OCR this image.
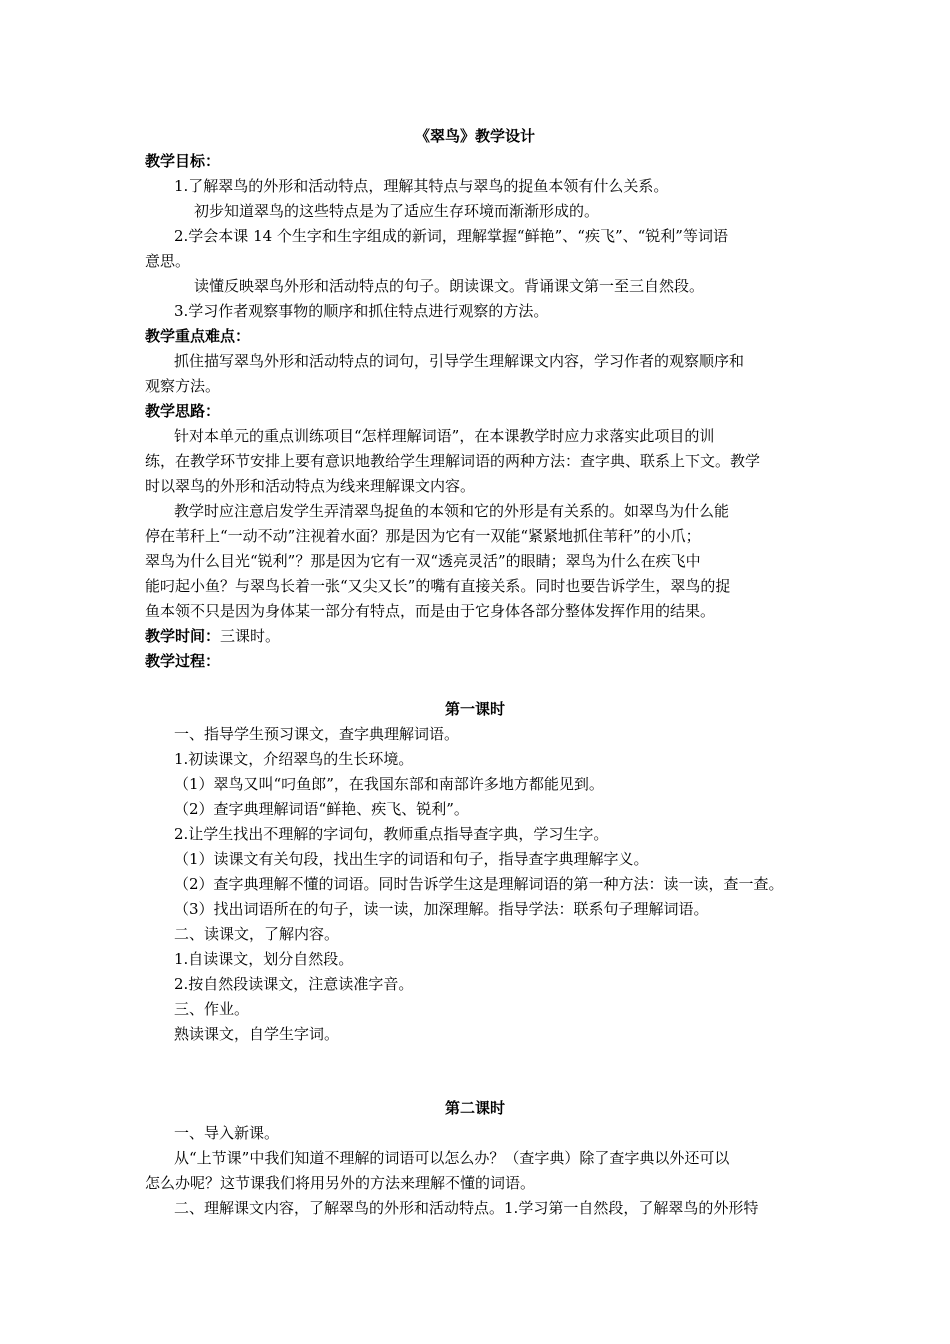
《翠鸟》教学设计
教学目标：
1.了解翠鸟的外形和活动特点，理解其特点与翠鸟的捉鱼本领有什么关系。
初步知道翠鸟的这些特点是为了适应生存环境而渐渐形成的。
2.学会本课 14 个生字和生字组成的新词，理解掌握“鲜艳”、“疾飞”、“锐利”等词语
意思。
读懂反映翠鸟外形和活动特点的句子。朗读课文。背诵课文第一至三自然段。
3.学习作者观察事物的顺序和抓住特点进行观察的方法。
教学重点难点：
抓住描写翠鸟外形和活动特点的词句，引导学生理解课文内容，学习作者的观察顺序和
观察方法。
教学思路：
针对本单元的重点训练项目“怎样理解词语”，在本课教学时应力求落实此项目的训
练，在教学环节安排上要有意识地教给学生理解词语的两种方法：查字典、联系上下文。教学
时以翠鸟的外形和活动特点为线来理解课文内容。
教学时应注意启发学生弄清翠鸟捉鱼的本领和它的外形是有关系的。如翠鸟为什么能
停在苇秆上“一动不动”注视着水面？那是因为它有一双能“紧紧地抓住苇秆”的小爪；
翠鸟为什么目光“锐利”？那是因为它有一双“透亮灵活”的眼睛；翠鸟为什么在疾飞中
能叼起小鱼？与翠鸟长着一张“又尖又长”的嘴有直接关系。同时也要告诉学生，翠鸟的捉
鱼本领不只是因为身体某一部分有特点，而是由于它身体各部分整体发挥作用的结果。
教学时间：三课时。
教学过程：
第一课时
一、指导学生预习课文，查字典理解词语。
1.初读课文，介绍翠鸟的生长环境。
（1）翠鸟又叫“叼鱼郎”，在我国东部和南部许多地方都能见到。
（2）查字典理解词语“鲜艳、疾飞、锐利”。
2.让学生找出不理解的字词句，教师重点指导查字典，学习生字。
（1）读课文有关句段，找出生字的词语和句子，指导查字典理解字义。
（2）查字典理解不懂的词语。同时告诉学生这是理解词语的第一种方法：读一读，查一查。
（3）找出词语所在的句子，读一读，加深理解。指导学法：联系句子理解词语。
二、读课文，了解内容。
1.自读课文，划分自然段。
2.按自然段读课文，注意读准字音。
三、作业。
熟读课文，自学生字词。
第二课时
一、导入新课。
从“上节课”中我们知道不理解的词语可以怎么办？（查字典）除了查字典以外还可以
怎么办呢？这节课我们将用另外的方法来理解不懂的词语。
二、理解课文内容，了解翠鸟的外形和活动特点。1.学习第一自然段，了解翠鸟的外形特
